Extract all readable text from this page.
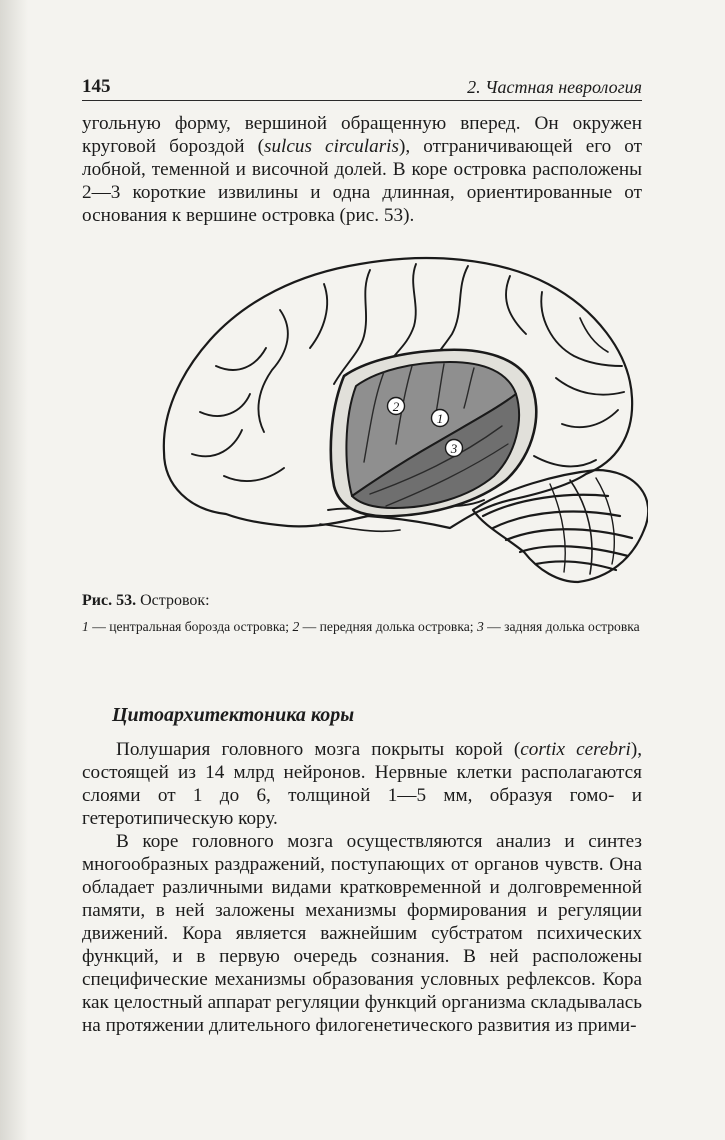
145	2. Частная неврология
угольную форму, вершиной обращенную вперед. Он окружен круговой бороздой (sulcus circularis), отграничивающей его от лобной, теменной и височной долей. В коре островка расположены 2—3 короткие извилины и одна длинная, ориентированные от основания к вершине островка (рис. 53).
2
1
3
Рис. 53. Островок:
1 — центральная борозда островка; 2 — передняя долька островка; 3 — задняя долька островка
Цитоархитектоника коры
Полушария головного мозга покрыты корой (cortix cerebri), состоящей из 14 млрд нейронов. Нервные клетки располагаются слоями от 1 до 6, толщиной 1—5 мм, образуя гомо- и гетеротипическую кору.
В коре головного мозга осуществляются анализ и синтез многообразных раздражений, поступающих от органов чувств. Она обладает различными видами кратковременной и долговременной памяти, в ней заложены механизмы формирования и регуляции движений. Кора является важнейшим субстратом психических функций, и в первую очередь сознания. В ней расположены специфические механизмы образования условных рефлексов. Кора как целостный аппарат регуляции функций организма складывалась на протяжении длительного филогенетического развития из прими-
